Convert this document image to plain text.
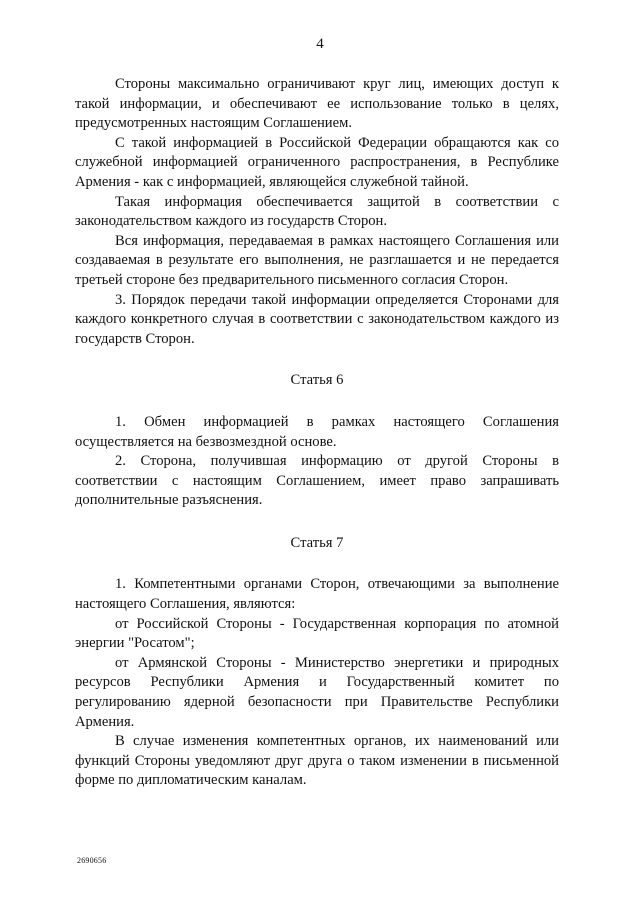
4

Стороны максимально ограничивают круг лиц, имеющих доступ к такой информации, и обеспечивают ее использование только в целях, предусмотренных настоящим Соглашением.

С такой информацией в Российской Федерации обращаются как со служебной информацией ограниченного распространения, в Республике Армения - как с информацией, являющейся служебной тайной.

Такая информация обеспечивается защитой в соответствии с законодательством каждого из государств Сторон.

Вся информация, передаваемая в рамках настоящего Соглашения или создаваемая в результате его выполнения, не разглашается и не передается третьей стороне без предварительного письменного согласия Сторон.

3. Порядок передачи такой информации определяется Сторонами для каждого конкретного случая в соответствии с законодательством каждого из государств Сторон.

Статья 6

1. Обмен информацией в рамках настоящего Соглашения осуществляется на безвозмездной основе.

2. Сторона, получившая информацию от другой Стороны в соответствии с настоящим Соглашением, имеет право запрашивать дополнительные разъяснения.

Статья 7

1. Компетентными органами Сторон, отвечающими за выполнение настоящего Соглашения, являются:

от Российской Стороны - Государственная корпорация по атомной энергии "Росатом";

от Армянской Стороны - Министерство энергетики и природных ресурсов Республики Армения и Государственный комитет по регулированию ядерной безопасности при Правительстве Республики Армения.

В случае изменения компетентных органов, их наименований или функций Стороны уведомляют друг друга о таком изменении в письменной форме по дипломатическим каналам.

2690656
